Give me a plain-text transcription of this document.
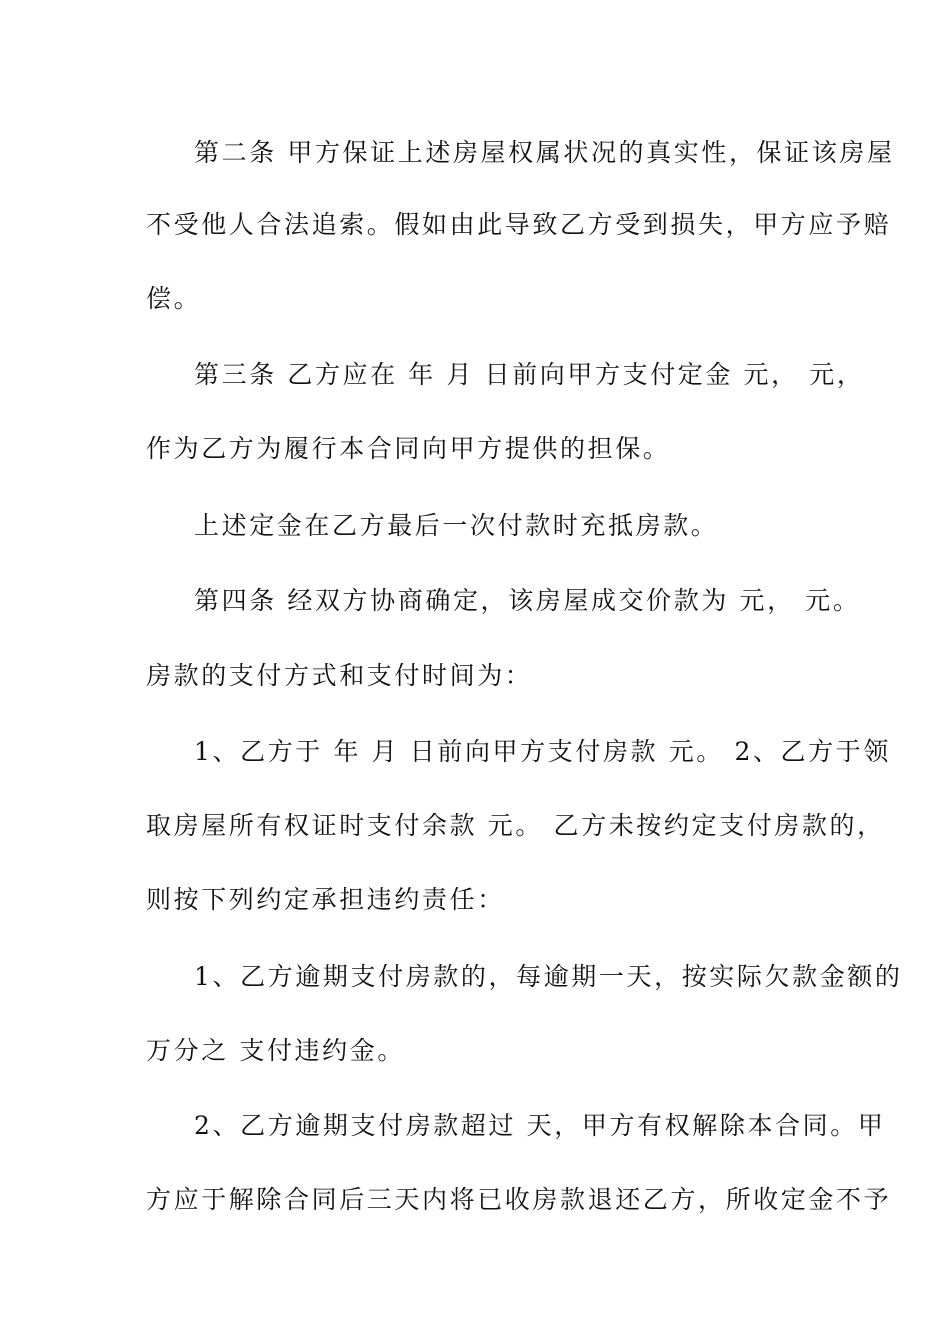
第二条 甲方保证上述房屋权属状况的真实性，保证该房屋
不受他人合法追索。假如由此导致乙方受到损失，甲方应予赔
偿。
第三条 乙方应在 年 月 日前向甲方支付定金 元， 元，
作为乙方为履行本合同向甲方提供的担保。
上述定金在乙方最后一次付款时充抵房款。
第四条 经双方协商确定，该房屋成交价款为 元， 元。
房款的支付方式和支付时间为：
1、乙方于 年 月 日前向甲方支付房款 元。 2、乙方于领
取房屋所有权证时支付余款 元。 乙方未按约定支付房款的，
则按下列约定承担违约责任：
1、乙方逾期支付房款的，每逾期一天，按实际欠款金额的
万分之 支付违约金。
2、乙方逾期支付房款超过 天，甲方有权解除本合同。甲
方应于解除合同后三天内将已收房款退还乙方，所收定金不予
